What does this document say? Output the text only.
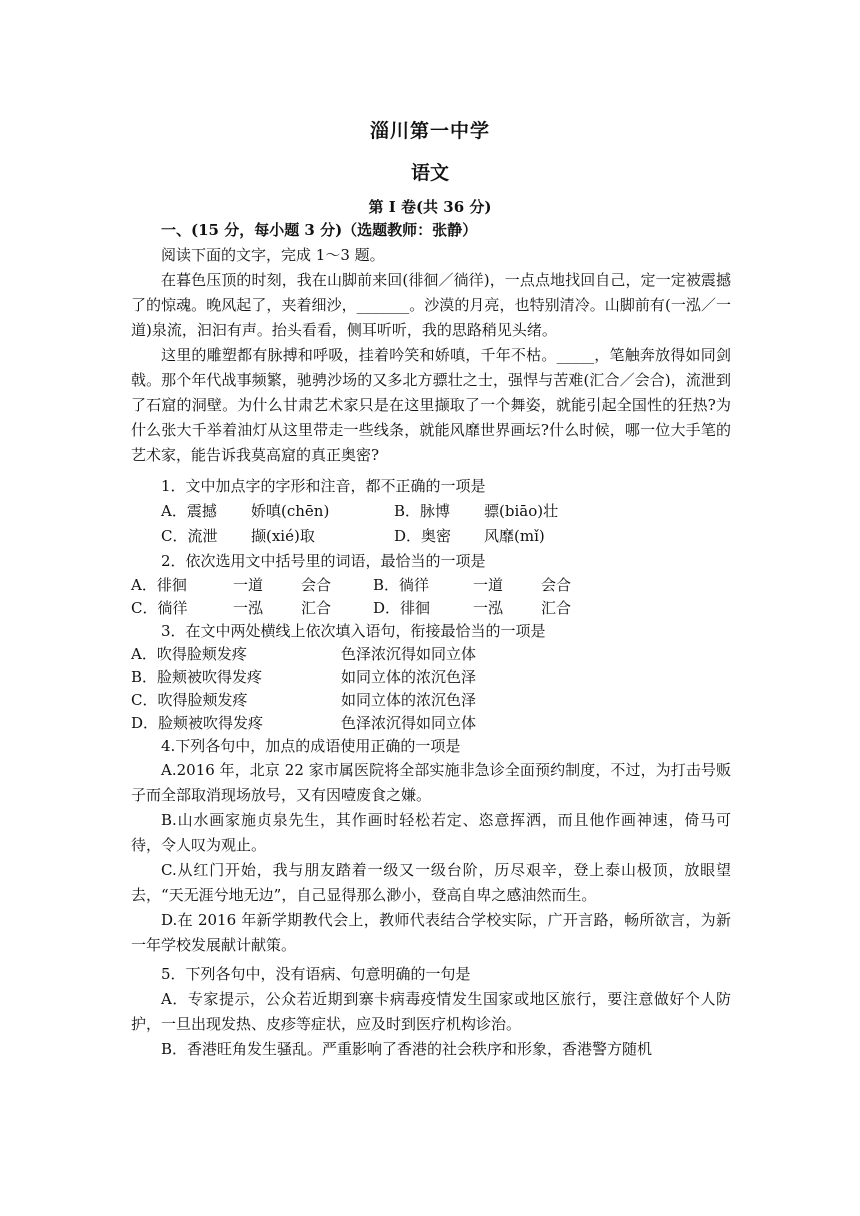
淄川第一中学
语文
第 I 卷(共 36 分)

一、(15 分，每小题 3 分)（选题教师：张静）

阅读下面的文字，完成 1～3 题。

在暮色压顶的时刻，我在山脚前来回(徘徊／徜徉)，一点点地找回自己，定一定被震撼了的惊魂。晚风起了，夹着细沙，_______。沙漠的月亮，也特别清冷。山脚前有(一泓／一道)泉流，汩汩有声。抬头看看，侧耳听听，我的思路稍见头绪。

这里的雕塑都有脉搏和呼吸，挂着吟笑和娇嗔，千年不枯。_____，笔触奔放得如同剑戟。那个年代战事频繁，驰骋沙场的又多北方骠壮之士，强悍与苦难(汇合／会合)，流泄到了石窟的洞壁。为什么甘肃艺术家只是在这里撷取了一个舞姿，就能引起全国性的狂热?为什么张大千举着油灯从这里带走一些线条，就能风靡世界画坛?什么时候，哪一位大手笔的艺术家，能告诉我莫高窟的真正奥密?

1．文中加点字的字形和注音，都不正确的一项是

A．震撼	娇嗔(chēn)	B．脉博	骠(biāo)壮
C．流泄	撷(xié)取	D．奥密	风靡(mǐ)

2．依次选用文中括号里的词语，最恰当的一项是

A．徘徊	一道	会合	B．徜徉	一道	会合
C．徜徉	一泓	汇合	D．徘徊	一泓	汇合

3．在文中两处横线上依次填入语句，衔接最恰当的一项是

A．吹得脸颊发疼	色泽浓沉得如同立体
B．脸颊被吹得发疼	如同立体的浓沉色泽
C．吹得脸颊发疼	如同立体的浓沉色泽
D．脸颊被吹得发疼	色泽浓沉得如同立体

4.下列各句中，加点的成语使用正确的一项是

A.2016 年，北京 22 家市属医院将全部实施非急诊全面预约制度，不过，为打击号贩子而全部取消现场放号，又有因噎废食之嫌。

B.山水画家施贞泉先生，其作画时轻松若定、恣意挥洒，而且他作画神速，倚马可待，令人叹为观止。

C.从红门开始，我与朋友踏着一级又一级台阶，历尽艰辛，登上泰山极顶，放眼望去，“天无涯兮地无边”，自己显得那么渺小，登高自卑之感油然而生。

D.在 2016 年新学期教代会上，教师代表结合学校实际，广开言路，畅所欲言，为新一年学校发展献计献策。

5．下列各句中，没有语病、句意明确的一句是

A．专家提示，公众若近期到寨卡病毒疫情发生国家或地区旅行，要注意做好个人防护，一旦出现发热、皮疹等症状，应及时到医疗机构诊治。

B．香港旺角发生骚乱。严重影响了香港的社会秩序和形象，香港警方随机
